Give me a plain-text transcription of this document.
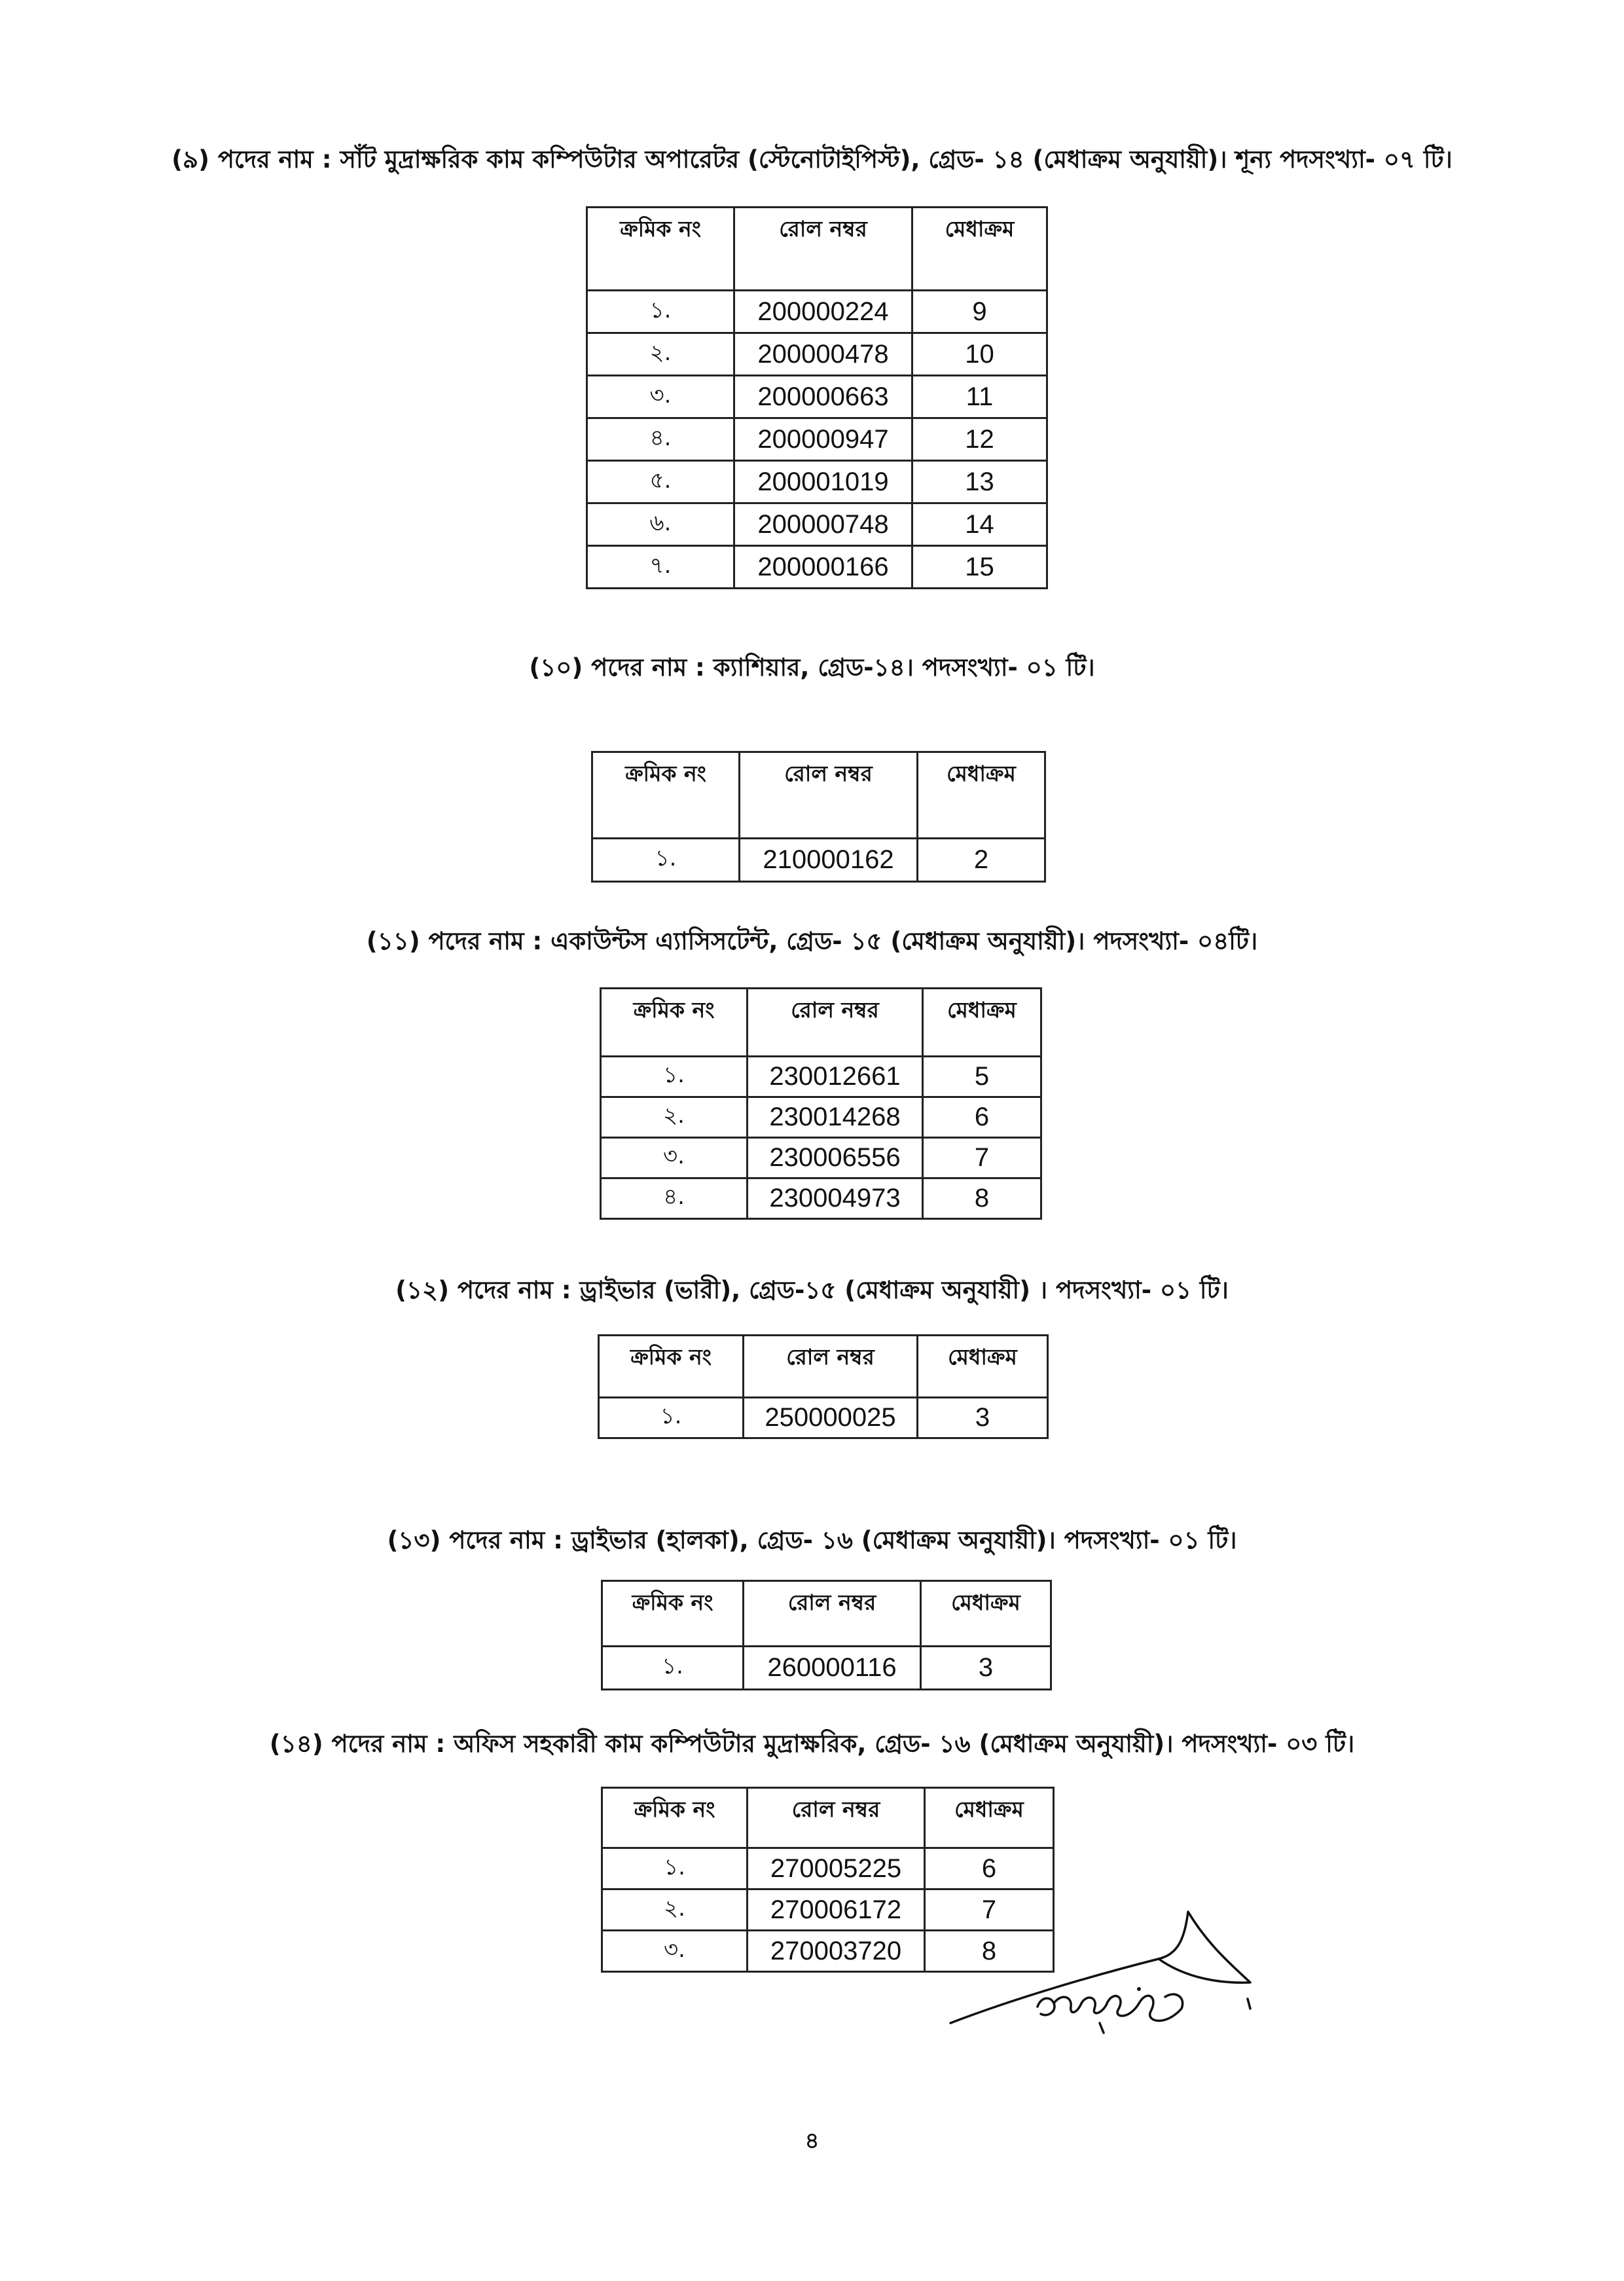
(৯) পদের নাম : সাঁট মুদ্রাক্ষরিক কাম কম্পিউটার অপারেটর (স্টেনোটাইপিস্ট), গ্রেড- ১৪ (মেধাক্রম অনুযায়ী)। শূন্য পদসংখ্যা- ০৭ টি।
ক্রমিক নং	রোল নম্বর	মেধাক্রম
১.	200000224	9
২.	200000478	10
৩.	200000663	11
৪.	200000947	12
৫.	200001019	13
৬.	200000748	14
৭.	200000166	15
(১০) পদের নাম : ক্যাশিয়ার, গ্রেড-১৪। পদসংখ্যা- ০১ টি।
ক্রমিক নং	রোল নম্বর	মেধাক্রম
১.	210000162	2
(১১) পদের নাম : একাউন্টস এ্যাসিসটেন্ট, গ্রেড- ১৫ (মেধাক্রম অনুযায়ী)। পদসংখ্যা- ০৪টি।
ক্রমিক নং	রোল নম্বর	মেধাক্রম
১.	230012661	5
২.	230014268	6
৩.	230006556	7
৪.	230004973	8
(১২) পদের নাম : ড্রাইভার (ভারী), গ্রেড-১৫ (মেধাক্রম অনুযায়ী) । পদসংখ্যা- ০১ টি।
ক্রমিক নং	রোল নম্বর	মেধাক্রম
১.	250000025	3
(১৩) পদের নাম : ড্রাইভার (হালকা), গ্রেড- ১৬ (মেধাক্রম অনুযায়ী)। পদসংখ্যা- ০১ টি।
ক্রমিক নং	রোল নম্বর	মেধাক্রম
১.	260000116	3
(১৪) পদের নাম : অফিস সহকারী কাম কম্পিউটার মুদ্রাক্ষরিক, গ্রেড- ১৬ (মেধাক্রম অনুযায়ী)। পদসংখ্যা- ০৩ টি।
ক্রমিক নং	রোল নম্বর	মেধাক্রম
১.	270005225	6
২.	270006172	7
৩.	270003720	8
৪
